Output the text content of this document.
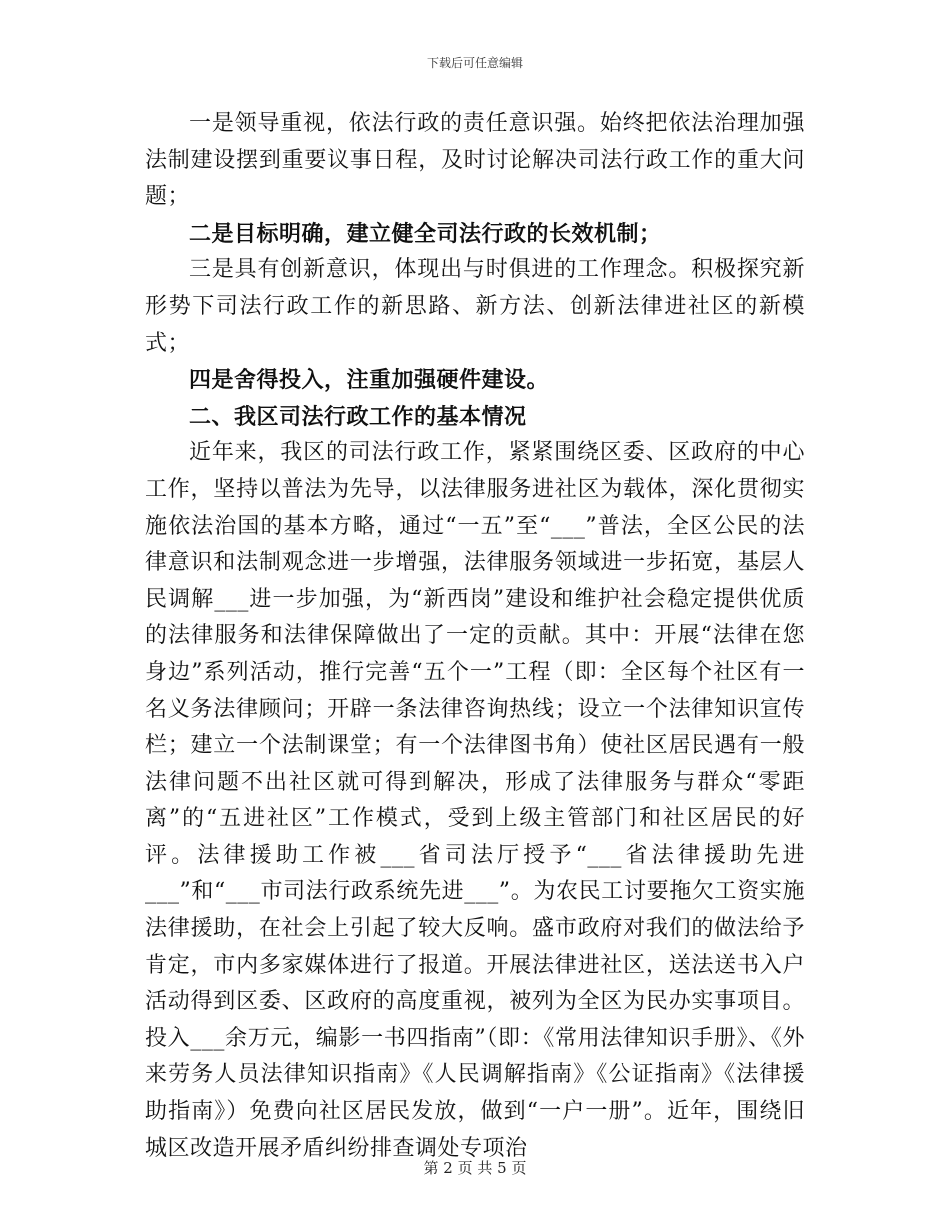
下载后可任意编辑

一是领导重视，依法行政的责任意识强。始终把依法治理加强法制建设摆到重要议事日程，及时讨论解决司法行政工作的重大问题；

二是目标明确，建立健全司法行政的长效机制；

三是具有创新意识，体现出与时俱进的工作理念。积极探究新形势下司法行政工作的新思路、新方法、创新法律进社区的新模式；

四是舍得投入，注重加强硬件建设。

二、我区司法行政工作的基本情况

近年来，我区的司法行政工作，紧紧围绕区委、区政府的中心工作，坚持以普法为先导，以法律服务进社区为载体，深化贯彻实施依法治国的基本方略，通过“一五”至“___”普法，全区公民的法律意识和法制观念进一步增强，法律服务领域进一步拓宽，基层人民调解___进一步加强，为“新西岗”建设和维护社会稳定提供优质的法律服务和法律保障做出了一定的贡献。其中：开展“法律在您身边”系列活动，推行完善“五个一”工程（即：全区每个社区有一名义务法律顾问；开辟一条法律咨询热线；设立一个法律知识宣传栏；建立一个法制课堂；有一个法律图书角）使社区居民遇有一般法律问题不出社区就可得到解决，形成了法律服务与群众“零距离”的“五进社区”工作模式，受到上级主管部门和社区居民的好评。法律援助工作被___省司法厅授予“___省法律援助先进___”和“___市司法行政系统先进___”。为农民工讨要拖欠工资实施法律援助，在社会上引起了较大反响。盛市政府对我们的做法给予肯定，市内多家媒体进行了报道。开展法律进社区，送法送书入户活动得到区委、区政府的高度重视，被列为全区为民办实事项目。投入___余万元，编影一书四指南”（即：《常用法律知识手册》、《外来劳务人员法律知识指南》《人民调解指南》《公证指南》《法律援助指南》）免费向社区居民发放，做到“一户一册”。近年，围绕旧城区改造开展矛盾纠纷排查调处专项治

第 2 页 共 5 页
